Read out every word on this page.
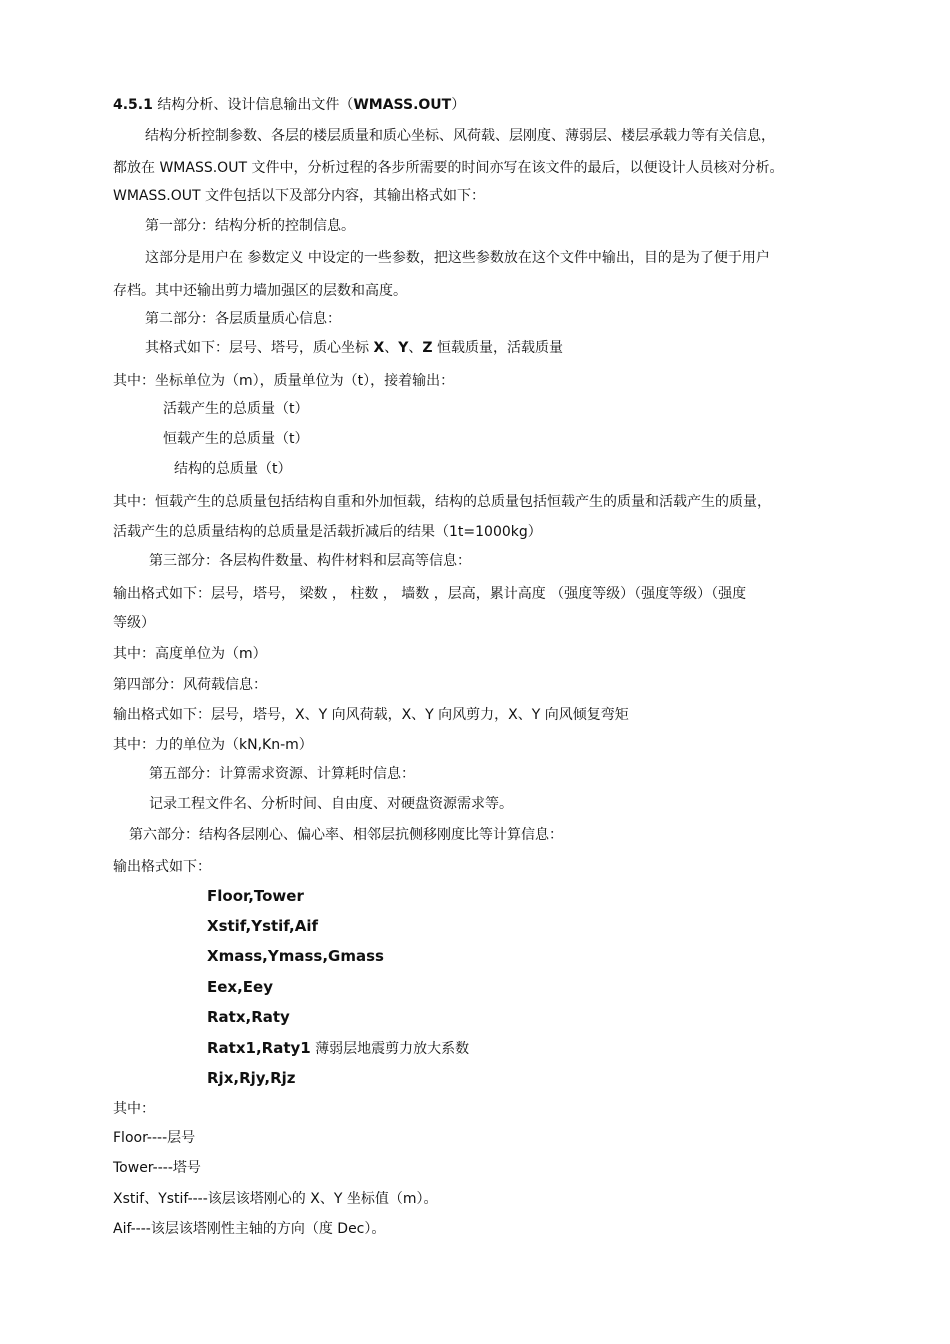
4.5.1 结构分析、设计信息输出文件（WMASS.OUT）
结构分析控制参数、各层的楼层质量和质心坐标、风荷载、层刚度、薄弱层、楼层承载力等有关信息，
都放在 WMASS.OUT 文件中，分析过程的各步所需要的时间亦写在该文件的最后，以便设计人员核对分析。
WMASS.OUT 文件包括以下及部分内容，其输出格式如下：
第一部分：结构分析的控制信息。
这部分是用户在 参数定义 中设定的一些参数，把这些参数放在这个文件中输出，目的是为了便于用户
存档。其中还输出剪力墙加强区的层数和高度。
第二部分：各层质量质心信息：
其格式如下：层号、塔号，质心坐标 X、Y、Z 恒载质量，活载质量
其中：坐标单位为（m），质量单位为（t），接着输出：
活载产生的总质量（t）
恒载产生的总质量（t）
结构的总质量（t）
其中：恒载产生的总质量包括结构自重和外加恒载，结构的总质量包括恒载产生的质量和活载产生的质量，
活载产生的总质量结构的总质量是活载折减后的结果（1t=1000kg）
第三部分：各层构件数量、构件材料和层高等信息：
输出格式如下：层号，塔号， 梁数 ， 柱数 ， 墙数 ，层高，累计高度 （强度等级）（强度等级）（强度
等级）
其中：高度单位为（m）
第四部分：风荷载信息：
输出格式如下：层号，塔号，X、Y 向风荷载，X、Y 向风剪力，X、Y 向风倾复弯矩
其中：力的单位为（kN,Kn-m）
第五部分：计算需求资源、计算耗时信息：
记录工程文件名、分析时间、自由度、对硬盘资源需求等。
第六部分：结构各层刚心、偏心率、相邻层抗侧移刚度比等计算信息：
输出格式如下：
Floor,Tower
Xstif,Ystif,Aif
Xmass,Ymass,Gmass
Eex,Eey
Ratx,Raty
Ratx1,Raty1 薄弱层地震剪力放大系数
Rjx,Rjy,Rjz
其中：
Floor----层号
Tower----塔号
Xstif、Ystif----该层该塔刚心的 X、Y 坐标值（m）。
Aif----该层该塔刚性主轴的方向（度 Dec）。
